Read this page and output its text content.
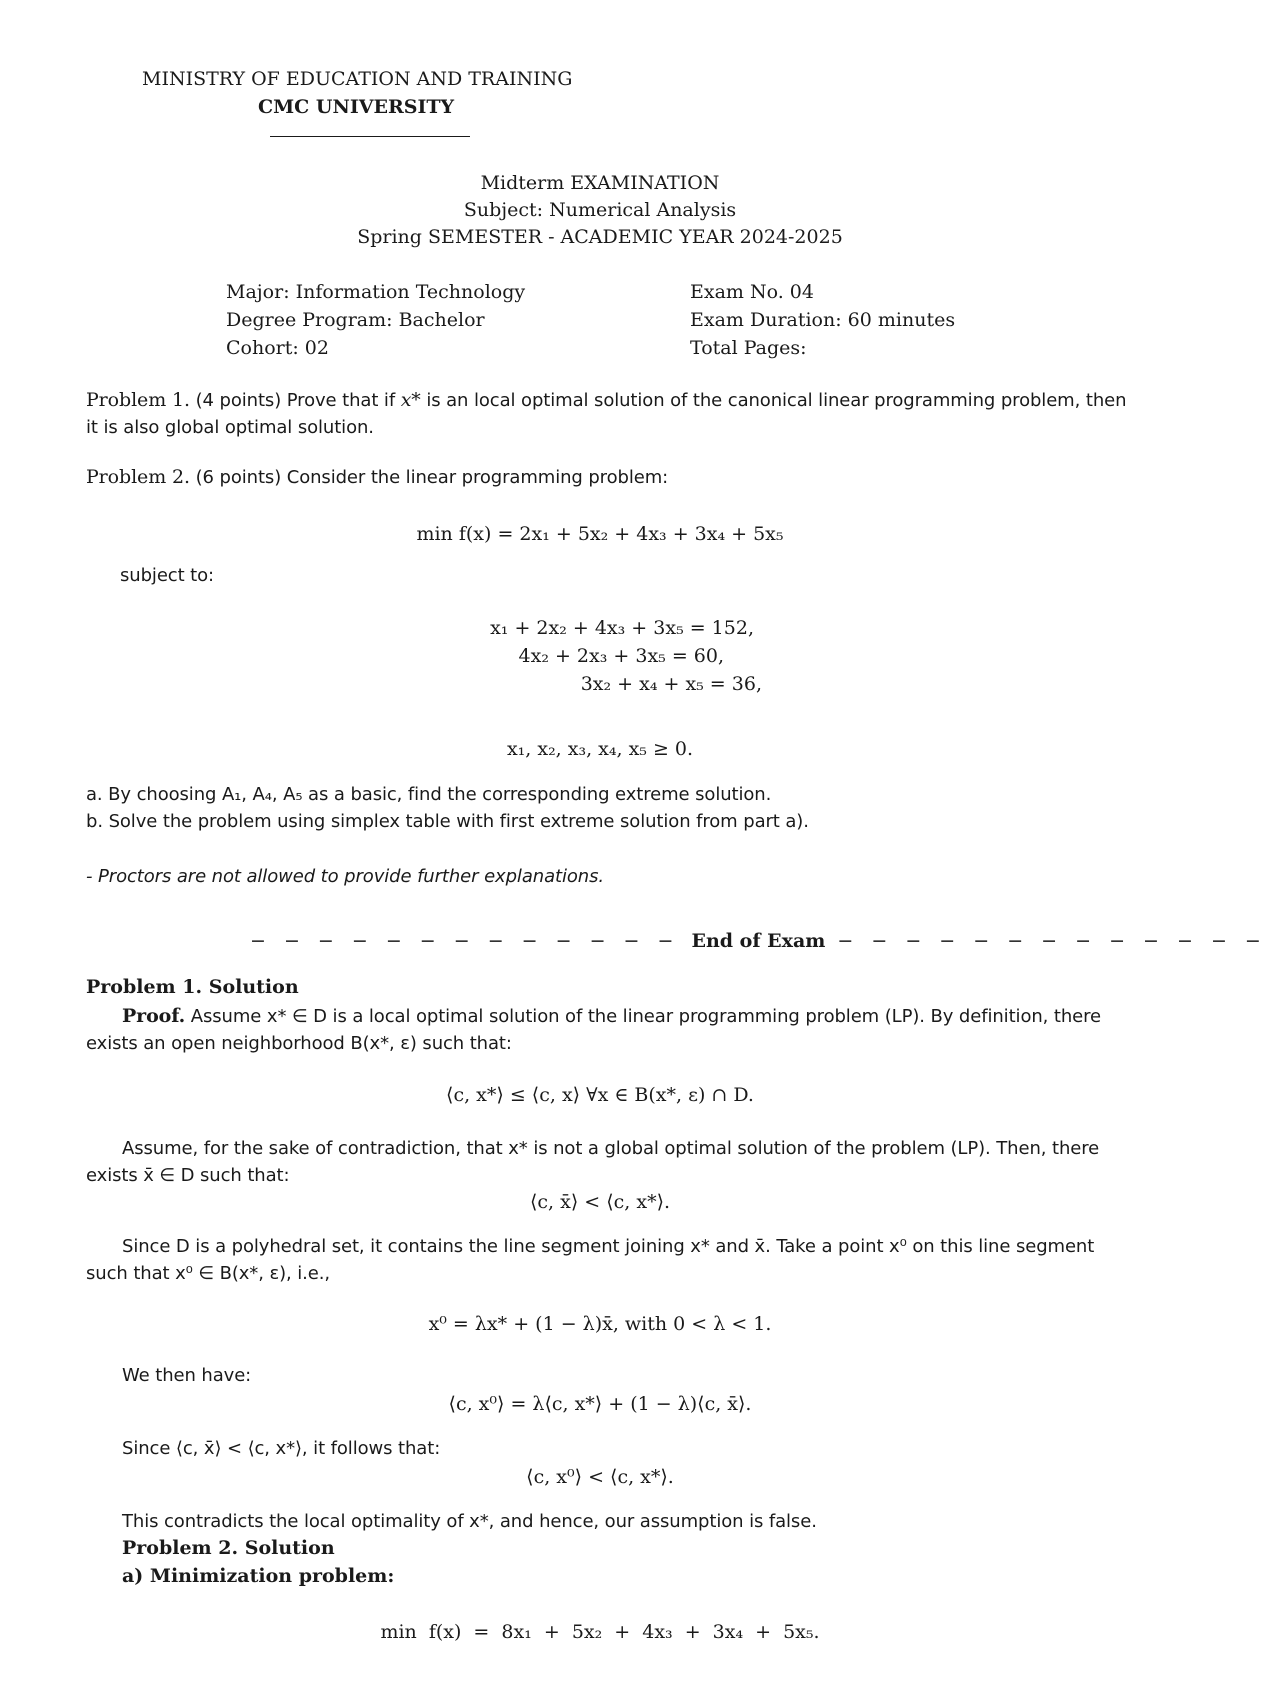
MINISTRY OF EDUCATION AND TRAINING
CMC UNIVERSITY
Midterm EXAMINATION
Subject: Numerical Analysis
Spring SEMESTER - ACADEMIC YEAR 2024-2025
Major: Information Technology
Degree Program: Bachelor
Cohort: 02
Exam No. 04
Exam Duration: 60 minutes
Total Pages:

Problem 1. (4 points) Prove that if x* is an local optimal solution of the canonical linear programming problem, then it is also global optimal solution.

Problem 2. (6 points) Consider the linear programming problem:

min f(x) = 2x₁ + 5x₂ + 4x₃ + 3x₄ + 5x₅
subject to:
x₁ + 2x₂ + 4x₃ + 3x₅ = 152,
4x₂ + 2x₃ + 3x₅ = 60,
3x₂ + x₄ + x₅ = 36,
x₁, x₂, x₃, x₄, x₅ ≥ 0.
a. By choosing A₁, A₄, A₅ as a basic, find the corresponding extreme solution.
b. Solve the problem using simplex table with first extreme solution from part a).
- Proctors are not allowed to provide further explanations.
− − − − − − − − − − − − − End of Exam − − − − − − − − − − − − −
Problem 1. Solution

Proof. Assume x* ∈ D is a local optimal solution of the linear programming problem (LP). By definition, there exists an open neighborhood B(x*, ε) such that:

⟨c, x*⟩ ≤ ⟨c, x⟩ ∀x ∈ B(x*, ε) ∩ D.

Assume, for the sake of contradiction, that x* is not a global optimal solution of the problem (LP). Then, there exists x̄ ∈ D such that:

⟨c, x̄⟩ < ⟨c, x*⟩.

Since D is a polyhedral set, it contains the line segment joining x* and x̄. Take a point x⁰ on this line segment such that x⁰ ∈ B(x*, ε), i.e.,

x⁰ = λx* + (1 − λ)x̄, with 0 < λ < 1.
We then have:
⟨c, x⁰⟩ = λ⟨c, x*⟩ + (1 − λ)⟨c, x̄⟩.
Since ⟨c, x̄⟩ < ⟨c, x*⟩, it follows that:
⟨c, x⁰⟩ < ⟨c, x*⟩.
This contradicts the local optimality of x*, and hence, our assumption is false.
Problem 2. Solution
a) Minimization problem:
min f(x) = 8x₁ + 5x₂ + 4x₃ + 3x₄ + 5x₅.
